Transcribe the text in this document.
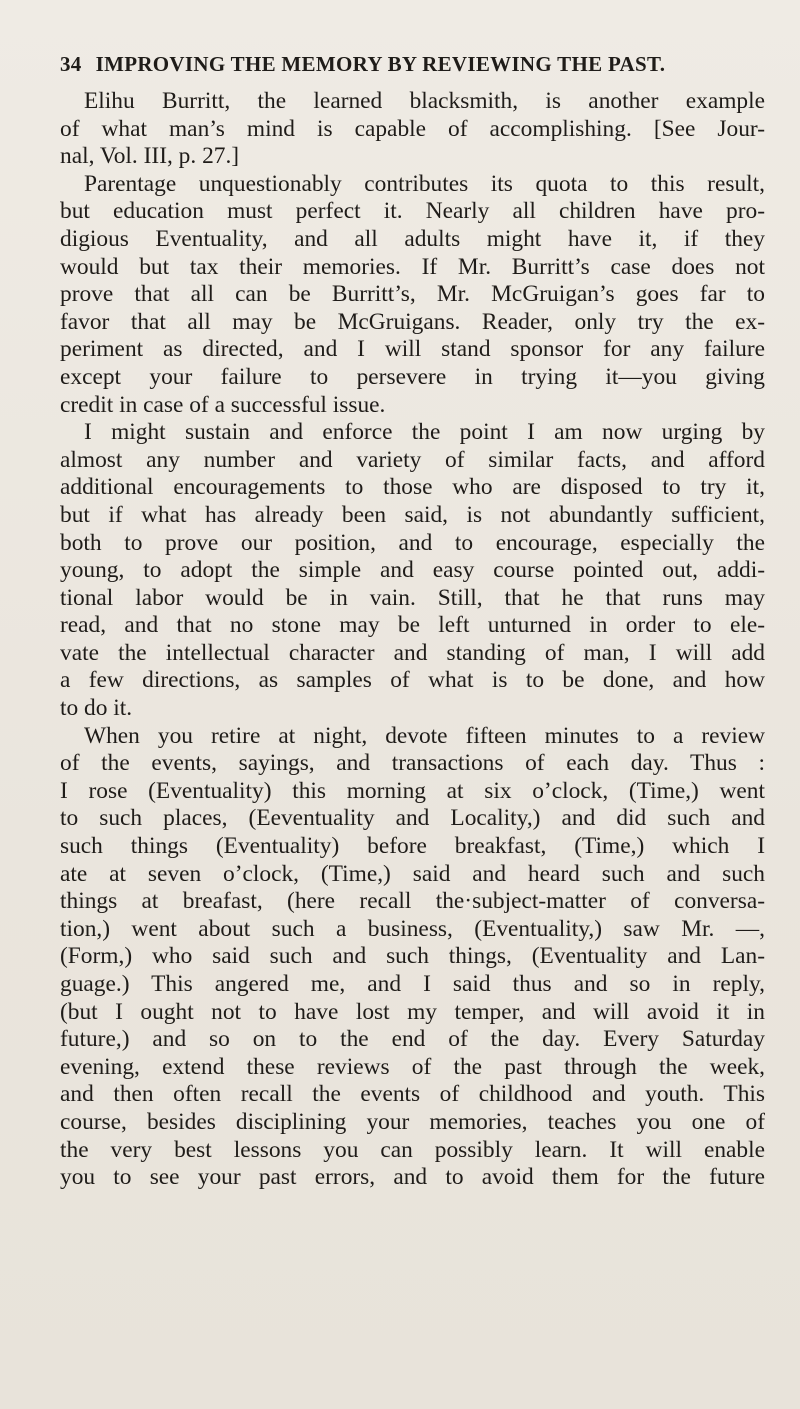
34 IMPROVING THE MEMORY BY REVIEWING THE PAST.
Elihu Burritt, the learned blacksmith, is another example
of what man’s mind is capable of accomplishing. [See Jour-
nal, Vol. III, p. 27.]
Parentage unquestionably contributes its quota to this result,
but education must perfect it. Nearly all children have pro-
digious Eventuality, and all adults might have it, if they
would but tax their memories. If Mr. Burritt’s case does not
prove that all can be Burritt’s, Mr. McGruigan’s goes far to
favor that all may be McGruigans. Reader, only try the ex-
periment as directed, and I will stand sponsor for any failure
except your failure to persevere in trying it—you giving
credit in case of a successful issue.
I might sustain and enforce the point I am now urging by
almost any number and variety of similar facts, and afford
additional encouragements to those who are disposed to try it,
but if what has already been said, is not abundantly sufficient,
both to prove our position, and to encourage, especially the
young, to adopt the simple and easy course pointed out, addi-
tional labor would be in vain. Still, that he that runs may
read, and that no stone may be left unturned in order to ele-
vate the intellectual character and standing of man, I will add
a few directions, as samples of what is to be done, and how
to do it.
When you retire at night, devote fifteen minutes to a review
of the events, sayings, and transactions of each day. Thus :
I rose (Eventuality) this morning at six o’clock, (Time,) went
to such places, (Eeventuality and Locality,) and did such and
such things (Eventuality) before breakfast, (Time,) which I
ate at seven o’clock, (Time,) said and heard such and such
things at breafast, (here recall the·subject-matter of conversa-
tion,) went about such a business, (Eventuality,) saw Mr. —,
(Form,) who said such and such things, (Eventuality and Lan-
guage.) This angered me, and I said thus and so in reply,
(but I ought not to have lost my temper, and will avoid it in
future,) and so on to the end of the day. Every Saturday
evening, extend these reviews of the past through the week,
and then often recall the events of childhood and youth. This
course, besides disciplining your memories, teaches you one of
the very best lessons you can possibly learn. It will enable
you to see your past errors, and to avoid them for the future
